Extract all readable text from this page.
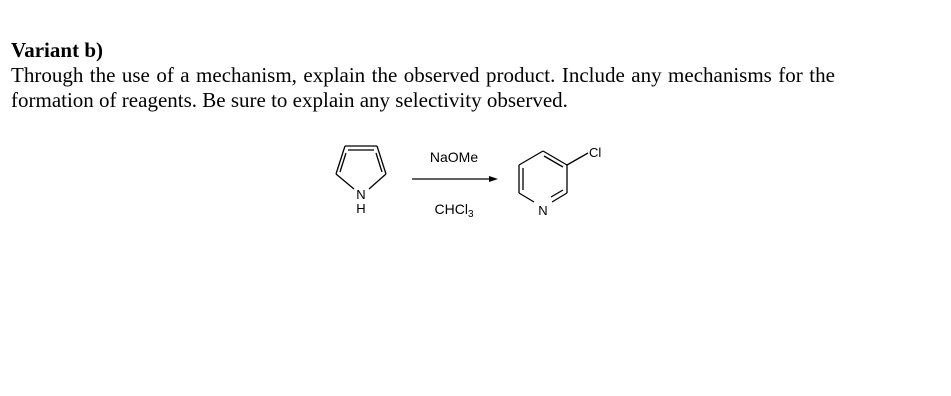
Variant b)
Through the use of a mechanism, explain the observed product. Include any mechanisms for the
formation of reagents. Be sure to explain any selectivity observed.
N
H
NaOMe
CHCl$_3$	N
Cl
